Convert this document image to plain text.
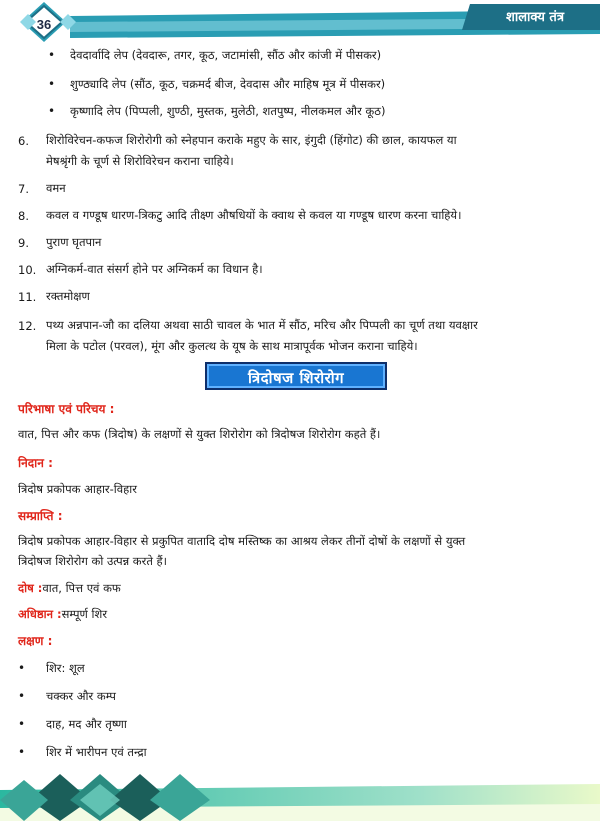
36	शालाक्य तंत्र
• देवदार्वादि लेप (देवदारू, तगर, कूठ, जटामांसी, सौंठ और कांजी में पीसकर)
• शुण्ठ्यादि लेप (सौंठ, कूठ, चक्रमर्द बीज, देवदास और माहिष मूत्र में पीसकर)
• कृष्णादि लेप (पिप्पली, शुण्ठी, मुस्तक, मुलेठी, शतपुष्प, नीलकमल और कूठ)
6. शिरोविरेचन-कफज शिरोरोगी को स्नेहपान कराके महुए के सार, इंगुदी (हिंगोट) की छाल, कायफल या
मेषश्रृंगी के चूर्ण से शिरोविरेचन कराना चाहिये।
7. वमन
8. कवल व गण्डूष धारण-त्रिकटु आदि तीक्ष्ण औषधियों के क्वाथ से कवल या गण्डूष धारण करना चाहिये।
9. पुराण घृतपान
10. अग्निकर्म-वात संसर्ग होने पर अग्निकर्म का विधान है।
11. रक्तमोक्षण
12. पथ्य अन्नपान-जौ का दलिया अथवा साठी चावल के भात में सौंठ, मरिच और पिप्पली का चूर्ण तथा यवक्षार
मिला के पटोल (परवल), मूंग और कुलत्थ के यूष के साथ मात्रापूर्वक भोजन कराना चाहिये।
त्रिदोषज शिरोरोग
परिभाषा एवं परिचय :
वात, पित्त और कफ (त्रिदोष) के लक्षणों से युक्त शिरोरोग को त्रिदोषज शिरोरोग कहते हैं।
निदान :
त्रिदोष प्रकोपक आहार-विहार
सम्प्राप्ति :
त्रिदोष प्रकोपक आहार-विहार से प्रकुपित वातादि दोष मस्तिष्क का आश्रय लेकर तीनों दोषों के लक्षणों से युक्त
त्रिदोषज शिरोरोग को उत्पन्न करते हैं।
दोष :वात, पित्त एवं कफ
अधिष्ठान :सम्पूर्ण शिर
लक्षण :
• शिर: शूल
• चक्कर और कम्प
• दाह, मद और तृष्णा
• शिर में भारीपन एवं तन्द्रा
